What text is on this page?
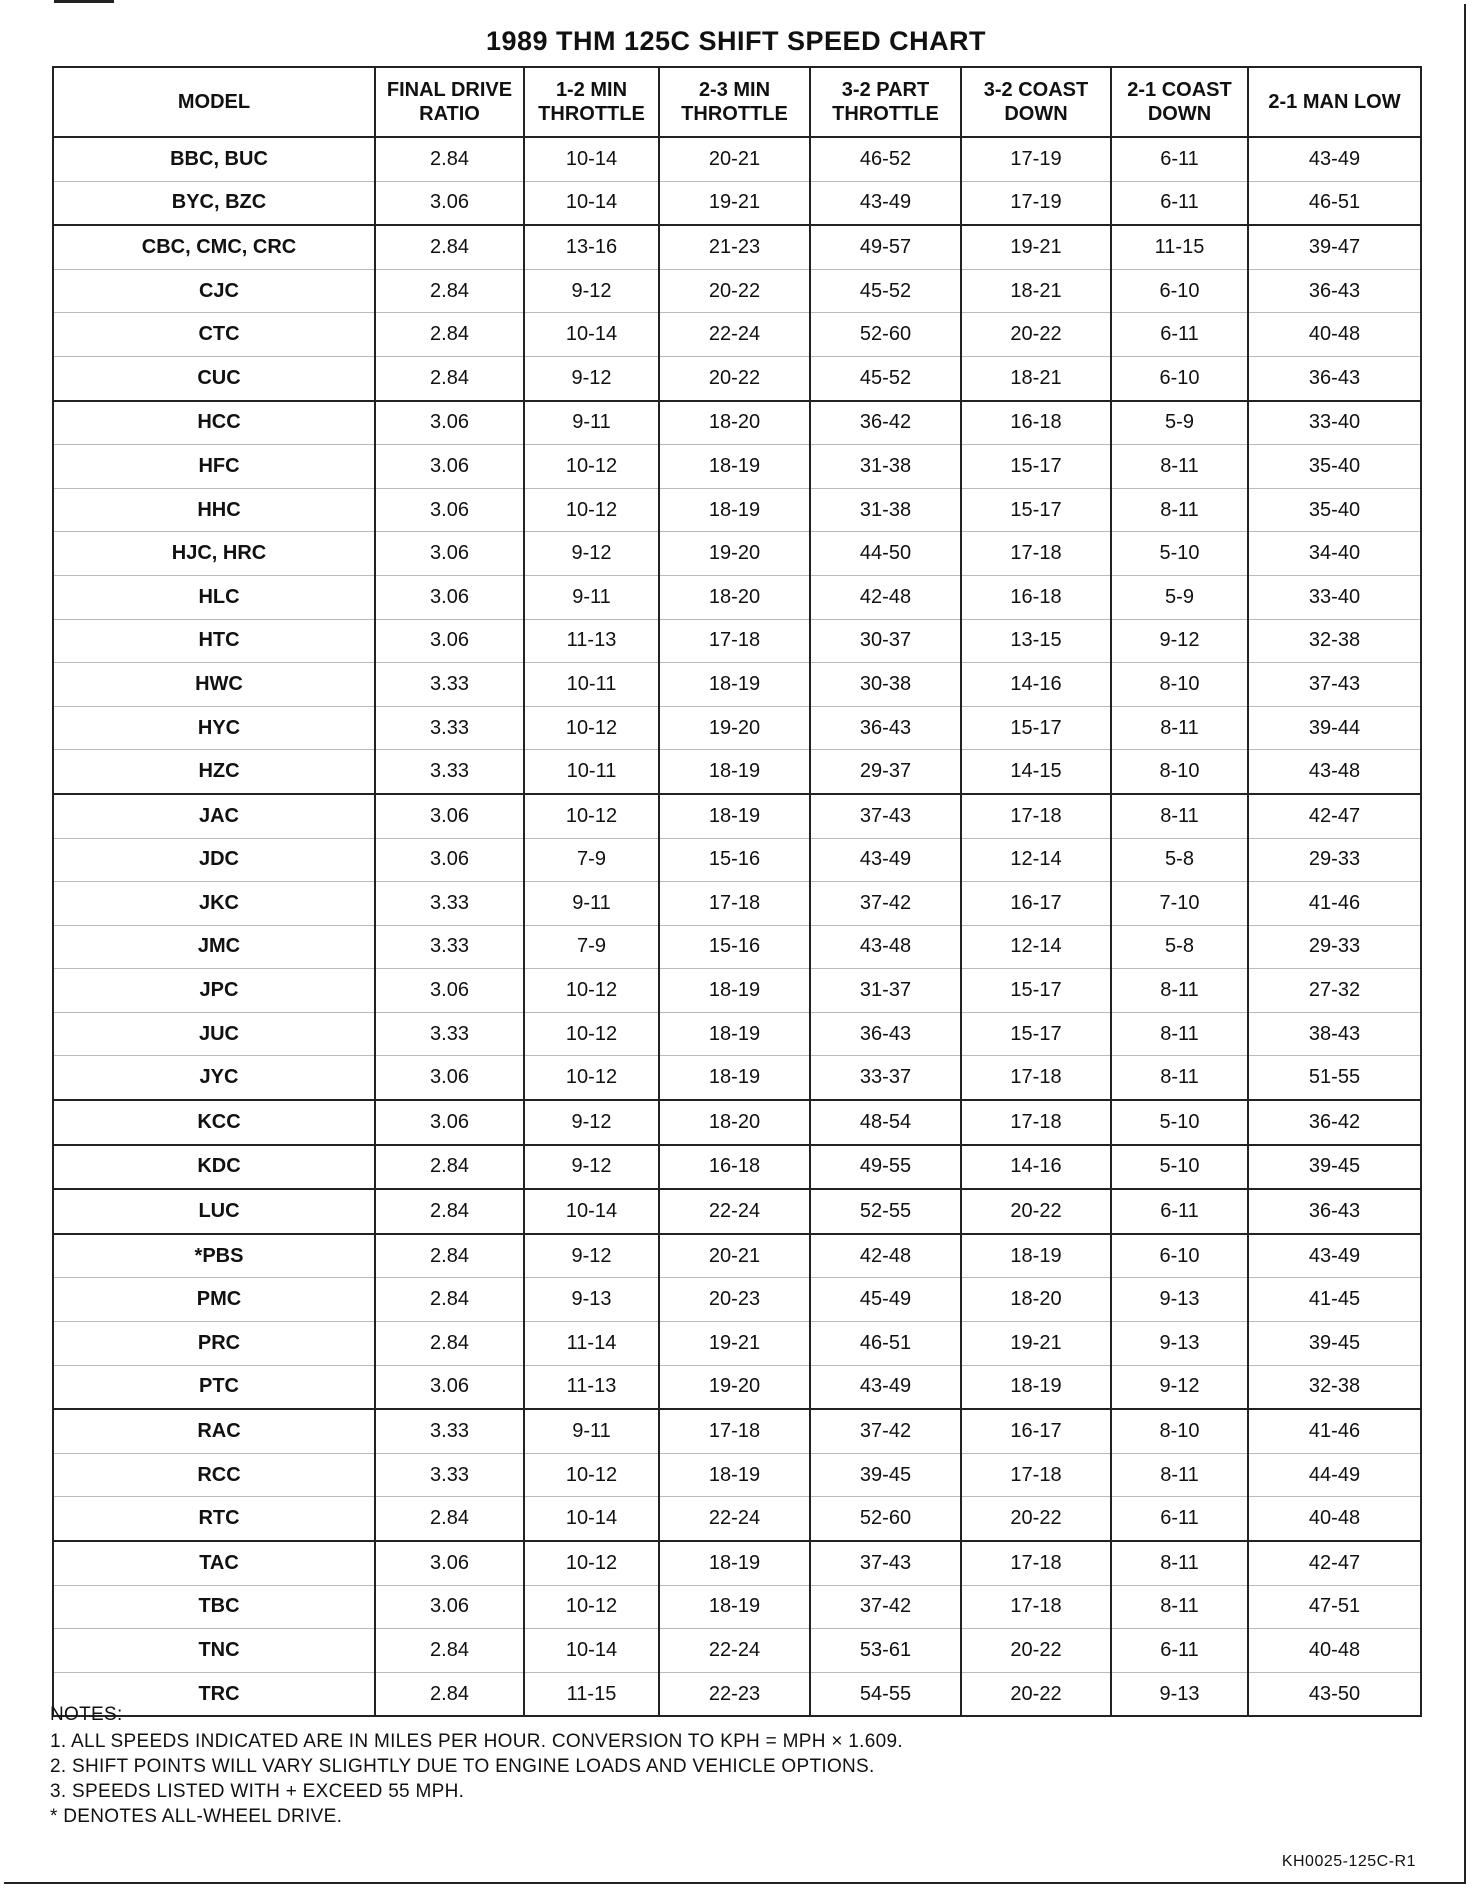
1989 THM 125C SHIFT SPEED CHART
MODEL	FINAL DRIVE RATIO	1-2 MIN THROTTLE	2-3 MIN THROTTLE	3-2 PART THROTTLE	3-2 COAST DOWN	2-1 COAST DOWN	2-1 MAN LOW
BBC, BUC	2.84	10-14	20-21	46-52	17-19	6-11	43-49
BYC, BZC	3.06	10-14	19-21	43-49	17-19	6-11	46-51
CBC, CMC, CRC	2.84	13-16	21-23	49-57	19-21	11-15	39-47
CJC	2.84	9-12	20-22	45-52	18-21	6-10	36-43
CTC	2.84	10-14	22-24	52-60	20-22	6-11	40-48
CUC	2.84	9-12	20-22	45-52	18-21	6-10	36-43
HCC	3.06	9-11	18-20	36-42	16-18	5-9	33-40
HFC	3.06	10-12	18-19	31-38	15-17	8-11	35-40
HHC	3.06	10-12	18-19	31-38	15-17	8-11	35-40
HJC, HRC	3.06	9-12	19-20	44-50	17-18	5-10	34-40
HLC	3.06	9-11	18-20	42-48	16-18	5-9	33-40
HTC	3.06	11-13	17-18	30-37	13-15	9-12	32-38
HWC	3.33	10-11	18-19	30-38	14-16	8-10	37-43
HYC	3.33	10-12	19-20	36-43	15-17	8-11	39-44
HZC	3.33	10-11	18-19	29-37	14-15	8-10	43-48
JAC	3.06	10-12	18-19	37-43	17-18	8-11	42-47
JDC	3.06	7-9	15-16	43-49	12-14	5-8	29-33
JKC	3.33	9-11	17-18	37-42	16-17	7-10	41-46
JMC	3.33	7-9	15-16	43-48	12-14	5-8	29-33
JPC	3.06	10-12	18-19	31-37	15-17	8-11	27-32
JUC	3.33	10-12	18-19	36-43	15-17	8-11	38-43
JYC	3.06	10-12	18-19	33-37	17-18	8-11	51-55
KCC	3.06	9-12	18-20	48-54	17-18	5-10	36-42
KDC	2.84	9-12	16-18	49-55	14-16	5-10	39-45
LUC	2.84	10-14	22-24	52-55	20-22	6-11	36-43
*PBS	2.84	9-12	20-21	42-48	18-19	6-10	43-49
PMC	2.84	9-13	20-23	45-49	18-20	9-13	41-45
PRC	2.84	11-14	19-21	46-51	19-21	9-13	39-45
PTC	3.06	11-13	19-20	43-49	18-19	9-12	32-38
RAC	3.33	9-11	17-18	37-42	16-17	8-10	41-46
RCC	3.33	10-12	18-19	39-45	17-18	8-11	44-49
RTC	2.84	10-14	22-24	52-60	20-22	6-11	40-48
TAC	3.06	10-12	18-19	37-43	17-18	8-11	42-47
TBC	3.06	10-12	18-19	37-42	17-18	8-11	47-51
TNC	2.84	10-14	22-24	53-61	20-22	6-11	40-48
TRC	2.84	11-15	22-23	54-55	20-22	9-13	43-50
NOTES:
1. ALL SPEEDS INDICATED ARE IN MILES PER HOUR. CONVERSION TO KPH = MPH × 1.609.
2. SHIFT POINTS WILL VARY SLIGHTLY DUE TO ENGINE LOADS AND VEHICLE OPTIONS.
3. SPEEDS LISTED WITH + EXCEED 55 MPH.
* DENOTES ALL-WHEEL DRIVE.
KH0025-125C-R1
